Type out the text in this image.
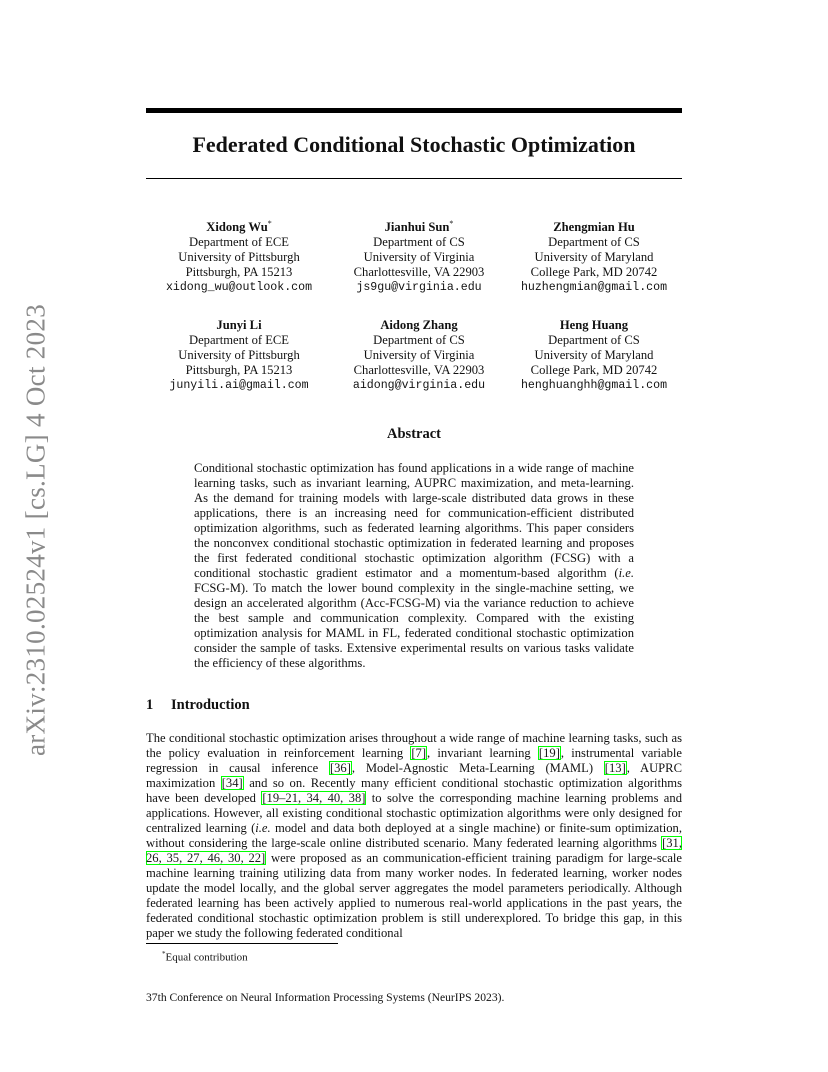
arXiv:2310.02524v1 [cs.LG] 4 Oct 2023
Federated Conditional Stochastic Optimization
Xidong Wu*
Department of ECE
University of Pittsburgh
Pittsburgh, PA 15213
xidong_wu@outlook.com
Jianhui Sun*
Department of CS
University of Virginia
Charlottesville, VA 22903
js9gu@virginia.edu
Zhengmian Hu
Department of CS
University of Maryland
College Park, MD 20742
huzhengmian@gmail.com
Junyi Li
Department of ECE
University of Pittsburgh
Pittsburgh, PA 15213
junyili.ai@gmail.com
Aidong Zhang
Department of CS
University of Virginia
Charlottesville, VA 22903
aidong@virginia.edu
Heng Huang
Department of CS
University of Maryland
College Park, MD 20742
henghuanghh@gmail.com
Abstract
Conditional stochastic optimization has found applications in a wide range of machine learning tasks, such as invariant learning, AUPRC maximization, and meta-learning. As the demand for training models with large-scale distributed data grows in these applications, there is an increasing need for communication-efficient distributed optimization algorithms, such as federated learning algorithms. This paper considers the nonconvex conditional stochastic optimization in federated learning and proposes the first federated conditional stochastic optimization algorithm (FCSG) with a conditional stochastic gradient estimator and a momentum-based algorithm (i.e. FCSG-M). To match the lower bound complexity in the single-machine setting, we design an accelerated algorithm (Acc-FCSG-M) via the variance reduction to achieve the best sample and communication complexity. Compared with the existing optimization analysis for MAML in FL, federated conditional stochastic optimization consider the sample of tasks. Extensive experimental results on various tasks validate the efficiency of these algorithms.
1 Introduction
The conditional stochastic optimization arises throughout a wide range of machine learning tasks, such as the policy evaluation in reinforcement learning [7], invariant learning [19], instrumental variable regression in causal inference [36], Model-Agnostic Meta-Learning (MAML) [13], AUPRC maximization [34] and so on. Recently many efficient conditional stochastic optimization algorithms have been developed [19–21, 34, 40, 38] to solve the corresponding machine learning problems and applications. However, all existing conditional stochastic optimization algorithms were only designed for centralized learning (i.e. model and data both deployed at a single machine) or finite-sum optimization, without considering the large-scale online distributed scenario. Many federated learning algorithms [31, 26, 35, 27, 46, 30, 22] were proposed as an communication-efficient training paradigm for large-scale machine learning training utilizing data from many worker nodes. In federated learning, worker nodes update the model locally, and the global server aggregates the model parameters periodically. Although federated learning has been actively applied to numerous real-world applications in the past years, the federated conditional stochastic optimization problem is still underexplored. To bridge this gap, in this paper we study the following federated conditional
*Equal contribution
37th Conference on Neural Information Processing Systems (NeurIPS 2023).
